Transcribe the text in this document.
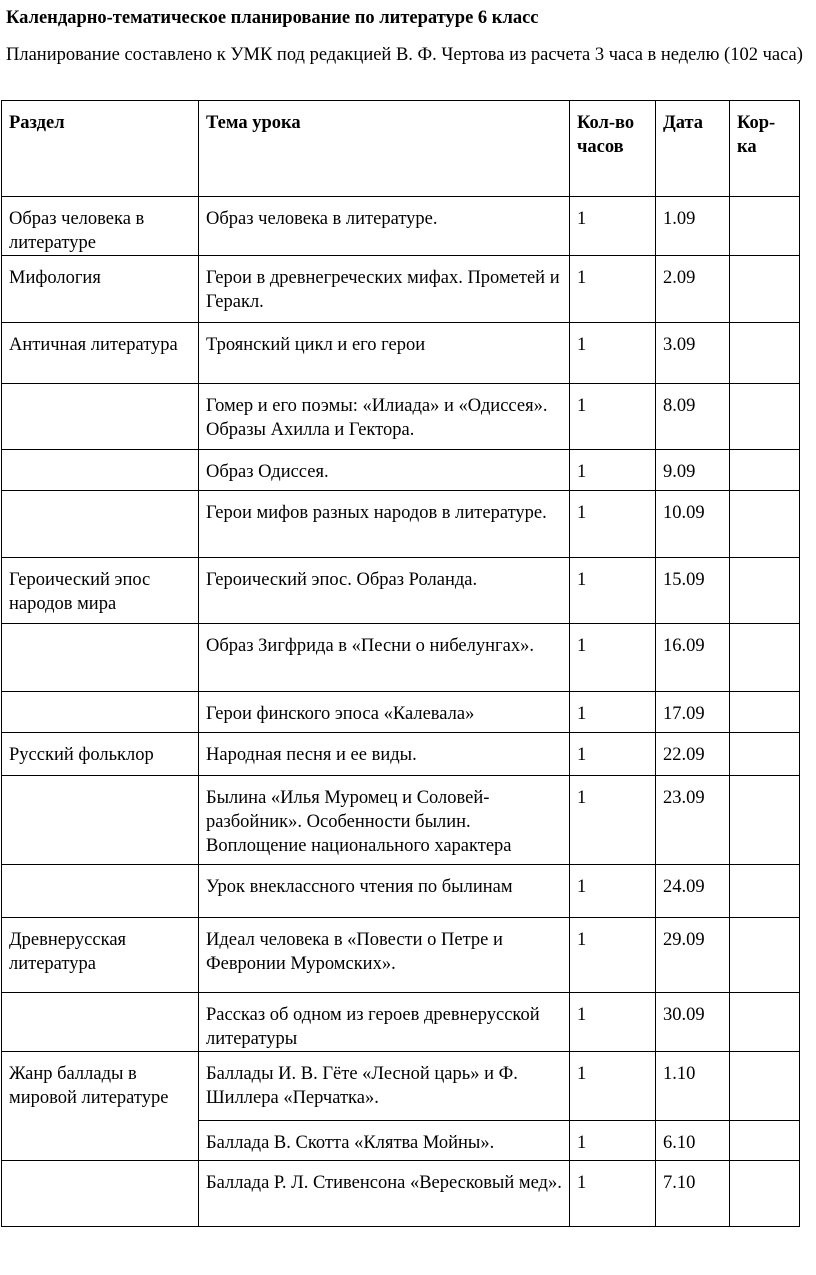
Календарно-тематическое планирование по литературе 6 класс
Планирование составлено к УМК под редакцией В. Ф. Чертова из расчета 3 часа в неделю (102 часа)
Раздел	Тема урока	Кол-во часов	Дата	Кор-ка
Образ человека в литературе	Образ человека в литературе.	1	1.09	
Мифология	Герои в древнегреческих мифах. Прометей и Геракл.	1	2.09	
Античная литература	Троянский цикл и его герои	1	3.09	
	Гомер и его поэмы: «Илиада» и «Одиссея». Образы Ахилла и Гектора.	1	8.09	
	Образ Одиссея.	1	9.09	
	Герои мифов разных народов в литературе.	1	10.09	
Героический эпос народов мира	Героический эпос. Образ Роланда.	1	15.09	
	Образ Зигфрида в «Песни о нибелунгах».	1	16.09	
	Герои финского эпоса «Калевала»	1	17.09	
Русский фольклор	Народная песня и ее виды.	1	22.09	
	Былина «Илья Муромец и Соловей-разбойник». Особенности былин. Воплощение национального характера	1	23.09	
	Урок внеклассного чтения по былинам	1	24.09	
Древнерусская литература	Идеал человека в «Повести о Петре и Февронии Муромских».	1	29.09	
	Рассказ об одном из героев древнерусской литературы	1	30.09	
Жанр баллады в мировой литературе	Баллады И. В. Гёте «Лесной царь» и Ф. Шиллера «Перчатка».	1	1.10	
	Баллада В. Скотта «Клятва Мойны».	1	6.10	
	Баллада Р. Л. Стивенсона «Вересковый мед».	1	7.10	
